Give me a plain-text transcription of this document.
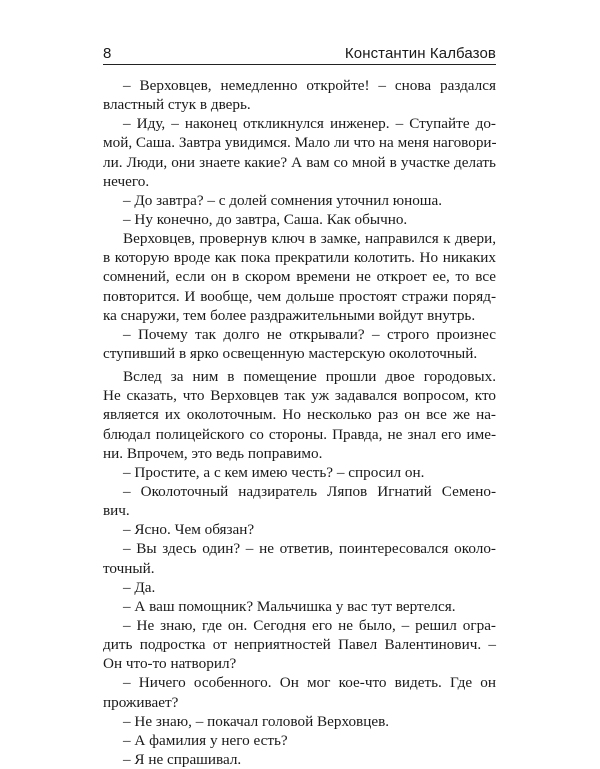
8	Константин Калбазов
– Верховцев, немедленно откройте! – снова раздался
властный стук в дверь.
– Иду, – наконец откликнулся инженер. – Ступайте до-
мой, Саша. Завтра увидимся. Мало ли что на меня наговори-
ли. Люди, они знаете какие? А вам со мной в участке делать
нечего.
– До завтра? – с долей сомнения уточнил юноша.
– Ну конечно, до завтра, Саша. Как обычно.
Верховцев, провернув ключ в замке, направился к двери,
в которую вроде как пока прекратили колотить. Но никаких
сомнений, если он в скором времени не откроет ее, то все
повторится. И вообще, чем дольше простоят стражи поряд-
ка снаружи, тем более раздражительными войдут внутрь.
– Почему так долго не открывали? – строго произнес
ступивший в ярко освещенную мастерскую околоточный.
Вслед за ним в помещение прошли двое городовых.
Не сказать, что Верховцев так уж задавался вопросом, кто
является их околоточным. Но несколько раз он все же на-
блюдал полицейского со стороны. Правда, не знал его име-
ни. Впрочем, это ведь поправимо.
– Простите, а с кем имею честь? – спросил он.
– Околоточный надзиратель Ляпов Игнатий Семено-
вич.
– Ясно. Чем обязан?
– Вы здесь один? – не ответив, поинтересовался около-
точный.
– Да.
– А ваш помощник? Мальчишка у вас тут вертелся.
– Не знаю, где он. Сегодня его не было, – решил огра-
дить подростка от неприятностей Павел Валентинович. –
Он что-то натворил?
– Ничего особенного. Он мог кое-что видеть. Где он
проживает?
– Не знаю, – покачал головой Верховцев.
– А фамилия у него есть?
– Я не спрашивал.
